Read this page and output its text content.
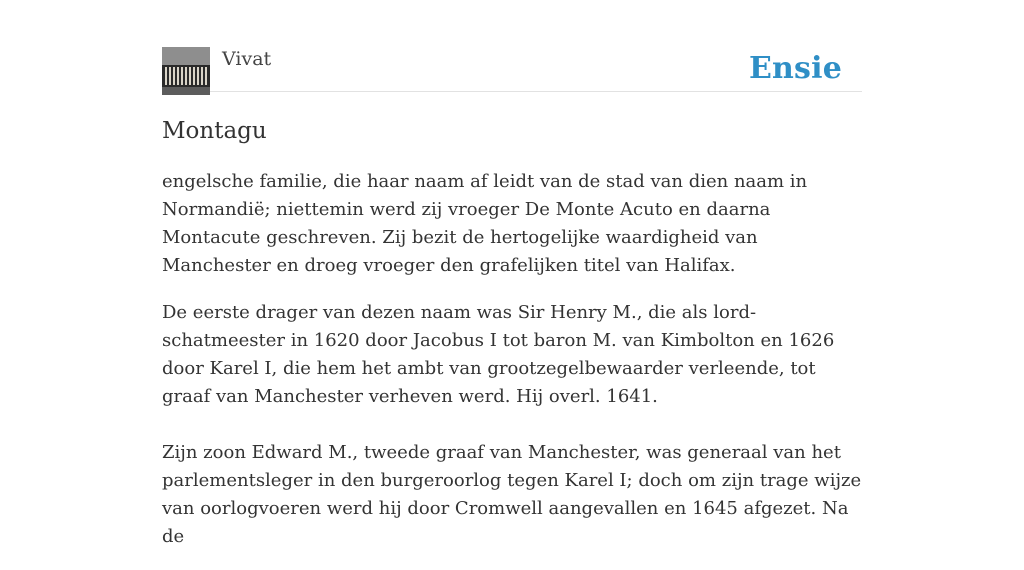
Vivat	Ensie
Montagu

engelsche familie, die haar naam af leidt van de stad van dien naam in Normandië; niettemin werd zij vroeger De Monte Acuto en daarna Montacute geschreven. Zij bezit de hertogelijke waardigheid van Manchester en droeg vroeger den grafelijken titel van Halifax.

De eerste drager van dezen naam was Sir Henry M., die als lord-schatmeester in 1620 door Jacobus I tot baron M. van Kimbolton en 1626 door Karel I, die hem het ambt van grootzegelbewaarder verleende, tot graaf van Manchester verheven werd. Hij overl. 1641.

Zijn zoon Edward M., tweede graaf van Manchester, was generaal van het parlementsleger in den burgeroorlog tegen Karel I; doch om zijn trage wijze van oorlogvoeren werd hij door Cromwell aangevallen en 1645 afgezet. Na de
